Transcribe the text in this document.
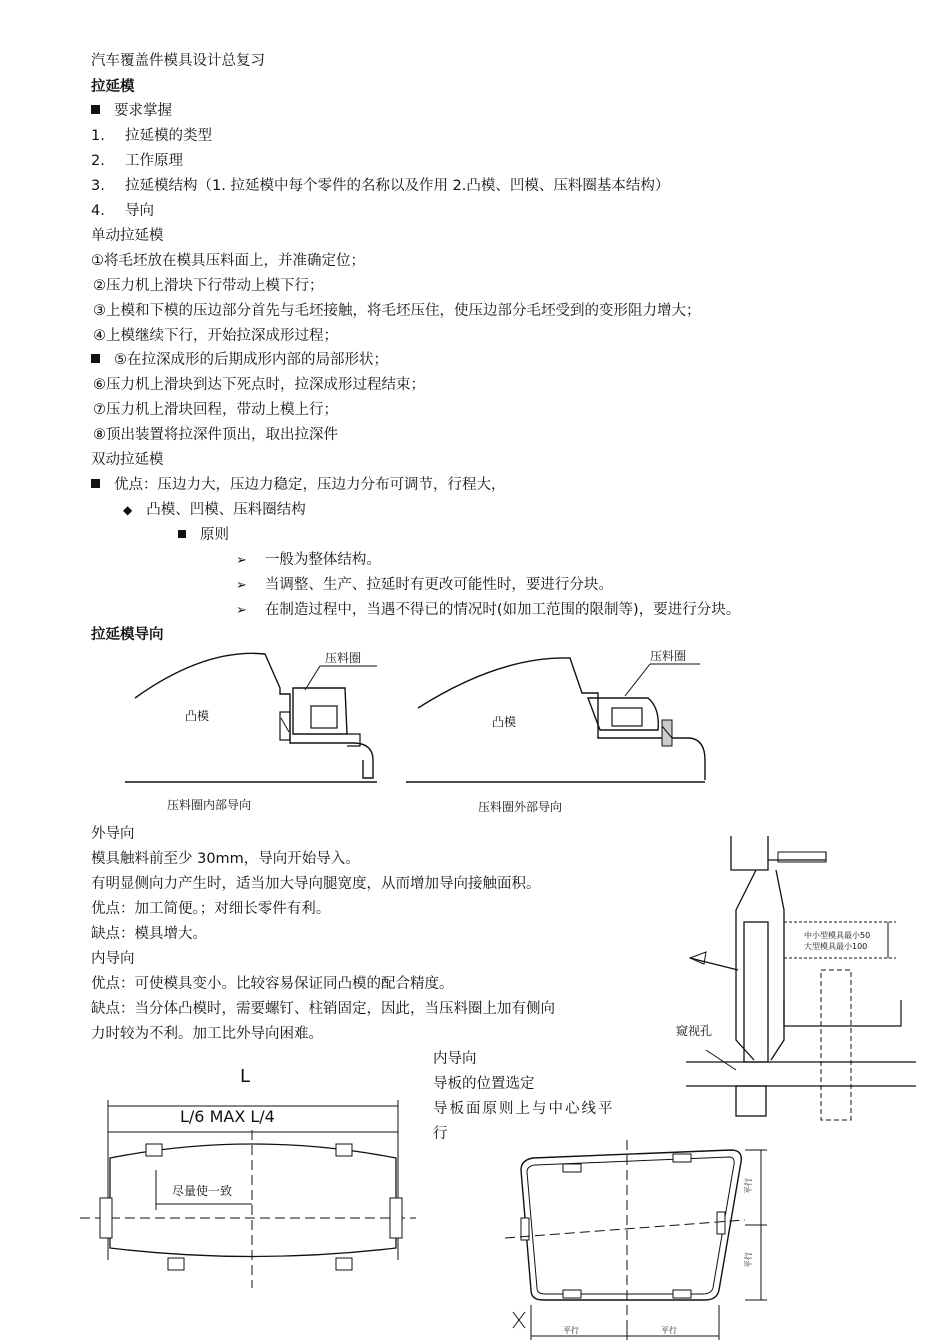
汽车覆盖件模具设计总复习
拉延模
要求掌握
1. 拉延模的类型
2. 工作原理
3. 拉延模结构（1. 拉延模中每个零件的名称以及作用 2.凸模、凹模、压料圈基本结构）
4. 导向
单动拉延模
①将毛坯放在模具压料面上，并准确定位；
②压力机上滑块下行带动上模下行；
③上模和下模的压边部分首先与毛坯接触，将毛坯压住，使压边部分毛坯受到的变形阻力增大；
④上模继续下行，开始拉深成形过程；
⑤在拉深成形的后期成形内部的局部形状；
⑥压力机上滑块到达下死点时，拉深成形过程结束；
⑦压力机上滑块回程，带动上模上行；
⑧顶出装置将拉深件顶出，取出拉深件
双动拉延模
优点：压边力大，压边力稳定，压边力分布可调节，行程大，
◆ 凸模、凹模、压料圈结构
原则
➢ 一般为整体结构。
➢ 当调整、生产、拉延时有更改可能性时，要进行分块。
➢ 在制造过程中，当遇不得已的情况时(如加工范围的限制等)，要进行分块。
拉延模导向
凸模
压料圈
压料圈内部导向
凸模
压料圈
压料圈外部导向
外导向
模具触料前至少 30mm，导向开始导入。
有明显侧向力产生时，适当加大导向腿宽度，从而增加导向接触面积。
优点：加工简便。；对细长零件有利。
缺点：模具增大。
内导向
优点：可使模具变小。比较容易保证同凸模的配合精度。
缺点：当分体凸模时，需要螺钉、柱销固定，因此，当压料圈上加有侧向
力时较为不利。加工比外导向困难。
中小型模具最小50
大型模具最小100
窥视孔
L
L/6 MAX L/4
尽量使一致
内导向
导板的位置选定
导板面原则上与中心线平
行
平行
平行
平行	平行
